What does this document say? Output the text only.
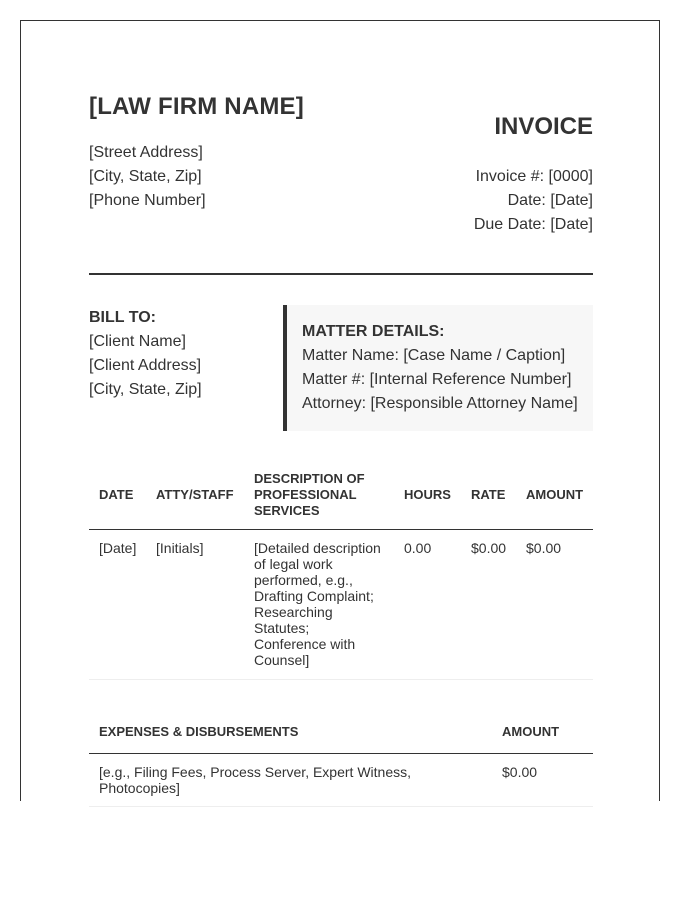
[LAW FIRM NAME]
[Street Address]
[City, State, Zip]
[Phone Number]
INVOICE
Invoice #: [0000]
Date: [Date]
Due Date: [Date]
BILL TO:
[Client Name]
[Client Address]
[City, State, Zip]
MATTER DETAILS:
Matter Name: [Case Name / Caption]
Matter #: [Internal Reference Number]
Attorney: [Responsible Attorney Name]
DATE	ATTY/STAFF	DESCRIPTION OF PROFESSIONAL SERVICES	HOURS	RATE	AMOUNT
[Date]	[Initials]	[Detailed description of legal work performed, e.g., Drafting Complaint; Researching Statutes; Conference with Counsel]	0.00	$0.00	$0.00
EXPENSES & DISBURSEMENTS	AMOUNT
[e.g., Filing Fees, Process Server, Expert Witness, Photocopies]	$0.00
